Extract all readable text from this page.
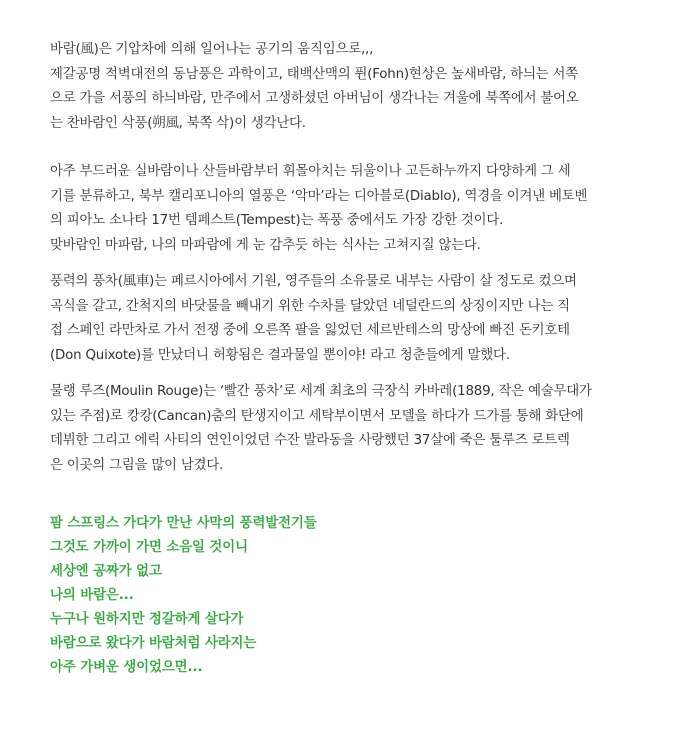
바람(風)은 기압차에 의해 일어나는 공기의 움직임으로,,,
제갈공명 적벽대전의 동남풍은 과학이고, 태백산맥의 퓐(Fohn)현상은 높새바람, 하늬는 서쪽
으로 가을 서풍의 하늬바람, 만주에서 고생하셨던 아버님이 생각나는 겨울에 북쪽에서 불어오
는 찬바람인 삭풍(朔風, 북쪽 삭)이 생각난다.

아주 부드러운 실바람이나 산들바람부터 휘몰아치는 뒤울이나 고든하누까지 다양하게 그 세
기를 분류하고, 북부 캘리포니아의 열풍은 ‘악마’라는 디아블로(Diablo), 역경을 이겨낸 베토벤
의 피아노 소나타 17번 템페스트(Tempest)는 폭풍 중에서도 가장 강한 것이다.
맞바람인 마파람, 나의 마파람에 게 눈 감추듯 하는 식사는 고쳐지질 않는다.

풍력의 풍차(風車)는 페르시아에서 기원, 영주들의 소유물로 내부는 사람이 살 정도로 컸으며
곡식을 갈고, 간척지의 바닷물을 빼내기 위한 수차를 달았던 네덜란드의 상징이지만 나는 직
접 스페인 라만차로 가서 전쟁 중에 오른쪽 팔을 잃었던 세르반테스의 망상에 빠진 돈키호테
(Don Quixote)를 만났더니 허황됨은 결과물일 뿐이야! 라고 청춘들에게 말했다.

물랭 루즈(Moulin Rouge)는 ‘빨간 풍차’로 세계 최초의 극장식 카바레(1889, 작은 예술무대가
있는 주점)로 캉캉(Cancan)춤의 탄생지이고 세탁부이면서 모델을 하다가 드가를 통해 화단에
데뷔한 그리고 에릭 사티의 연인이었던 수잔 발라동을 사랑했던 37살에 죽은 툴루즈 로트렉
은 이곳의 그림을 많이 남겼다.

팜 스프링스 가다가 만난 사막의 풍력발전기들
그것도 가까이 가면 소음일 것이니
세상엔 공짜가 없고
나의 바람은...
누구나 원하지만 정갈하게 살다가
바람으로 왔다가 바람처럼 사라지는
아주 가벼운 생이었으면...
